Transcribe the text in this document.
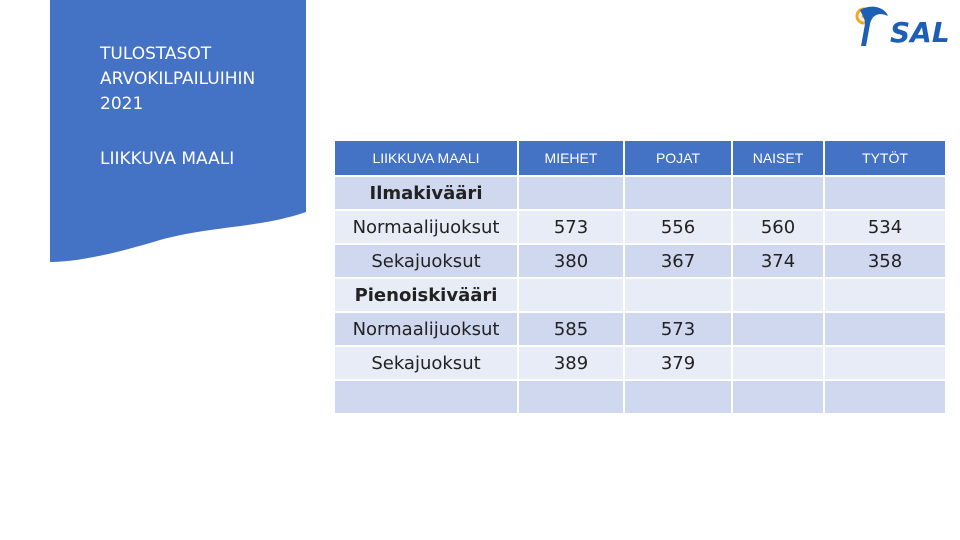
TULOSTASOT
ARVOKILPAILUIHIN
2021
LIIKKUVA MAALI
SAL
LIIKKUVA MAALI	MIEHET	POJAT	NAISET	TYTÖT
Ilmakivääri				
Normaalijuoksut	573	556	560	534
Sekajuoksut	380	367	374	358
Pienoiskivääri				
Normaalijuoksut	585	573		
Sekajuoksut	389	379		
